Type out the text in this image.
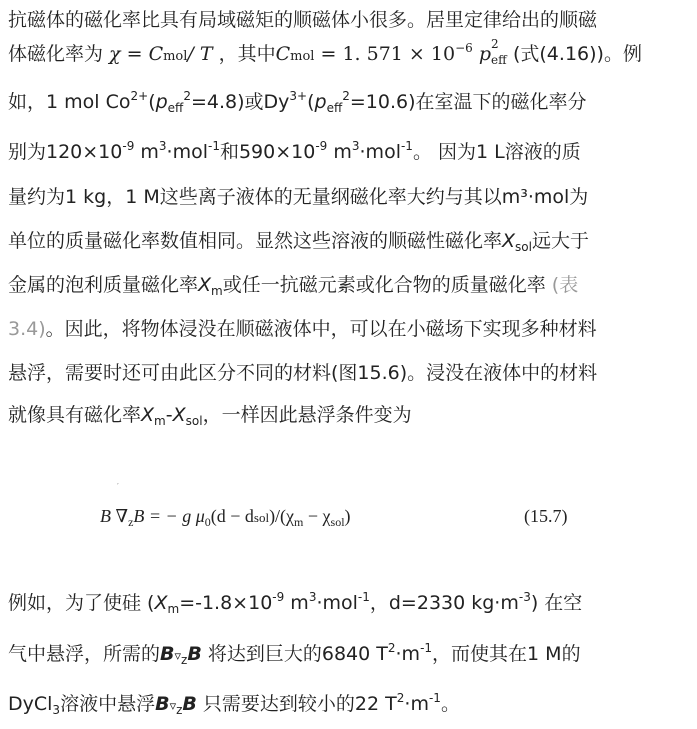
抗磁体的磁化率比具有局域磁矩的顺磁体小很多。居里定律给出的顺磁
体磁化率为 χ = Cmol/ T ，其中Cmol = 1. $571 \times 10^{-6}$ p 2
eff (式(4.16))。例
如，1 mol $Co^{2+}(p_{eff}^2=4.8)$或$Dy^{3+}(p_{eff}^2=10.6)$在室温下的磁化率分
别为$120\times 10^{-9}$ $m^3\cdot mol^{-1}$和$590\times 10^{-9}$ $m^3\cdot mol^{-1}$。 因为1 L溶液的质
量约为1 kg，1 M这些离子液体的无量纲磁化率大约与其以m³·mol为
单位的质量磁化率数值相同。显然这些溶液的顺磁性磁化率$X_{sol}$远大于
金属的泡利质量磁化率$X_m$或任一抗磁元素或化合物的质量磁化率 (表
3.4)。因此，将物体浸没在顺磁液体中，可以在小磁场下实现多种材料
悬浮，需要时还可由此区分不同的材料(图15.6)。浸没在液体中的材料
就像具有磁化率$X_m-X_{sol}$，一样因此悬浮条件变为
′
B $\nabla_zB$ = − g $\mu_0(d$ − $dsol)/(\chi_m - \chi_{sol})$	(15.7)
例如，为了使硅 ($X_m=-1.8\times 10^{-9}$ $m^3\cdot mol^{-1}$，d=2330 $kg\cdot m^{-3}$) 在空
气中悬浮，所需的$B▿_zB$ 将达到巨大的6840 $T^2\cdot m^{-1}$，而使其在1 M的
DyCl$_3$溶液中悬浮$B▿_zB$ 只需要达到较小的22 $T^2\cdot m^{-1}$。
